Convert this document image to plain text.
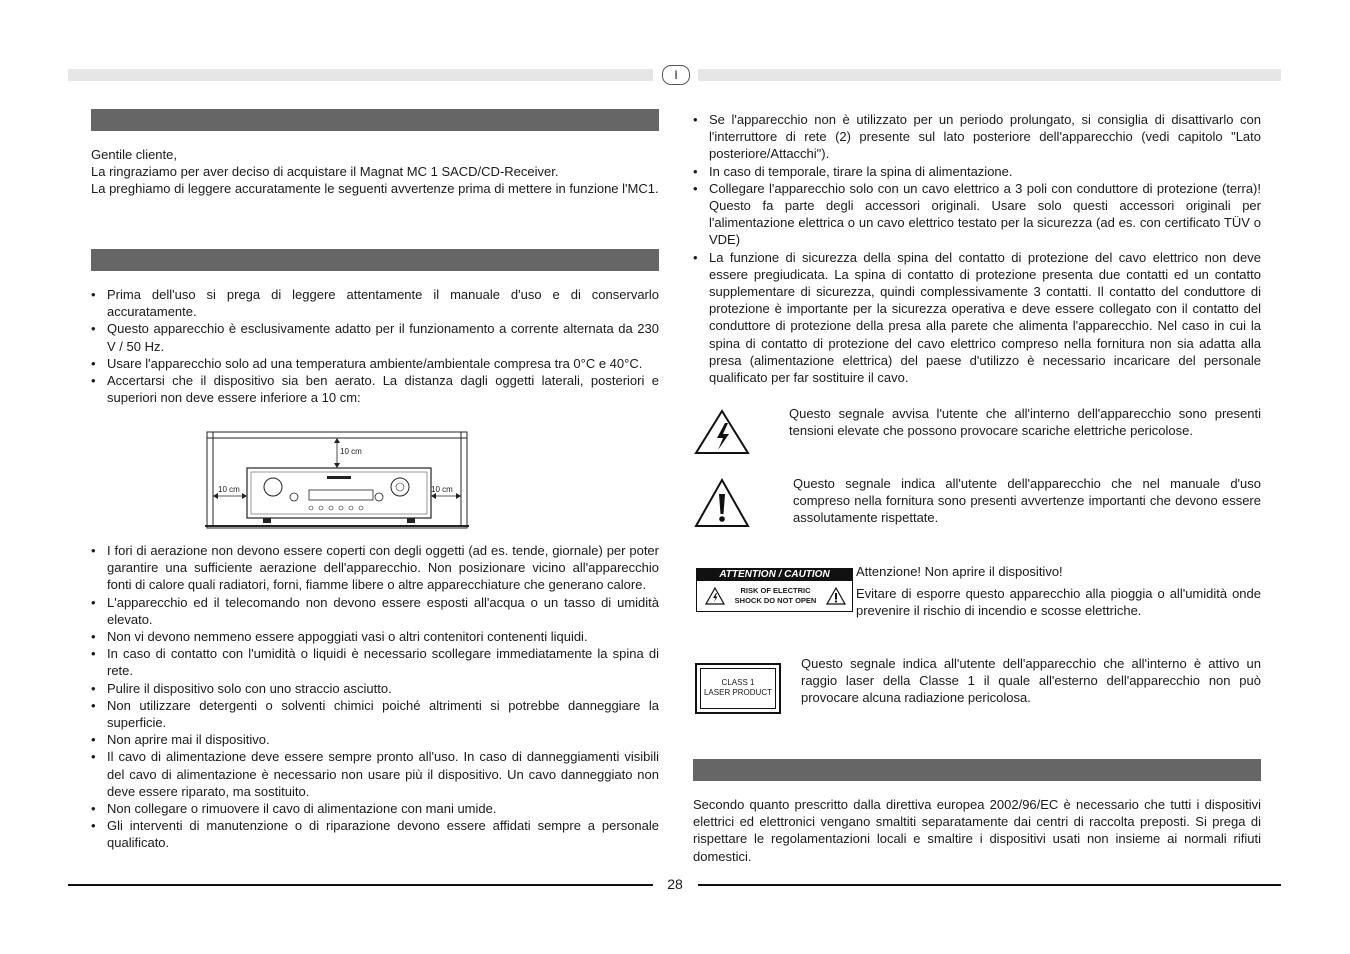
I

Gentile cliente,

La ringraziamo per aver deciso di acquistare il Magnat MC 1 SACD/CD-Receiver.

La preghiamo di leggere accuratamente le seguenti avvertenze prima di mettere in funzione l'MC1.

• Prima dell'uso si prega di leggere attentamente il manuale d'uso e di conservarlo accuratamente.
• Questo apparecchio è esclusivamente adatto per il funzionamento a corrente alternata da 230 V / 50 Hz.
• Usare l'apparecchio solo ad una temperatura ambiente/ambientale compresa tra 0°C e 40°C.
• Accertarsi che il dispositivo sia ben aerato. La distanza dagli oggetti laterali, posteriori e superiori non deve essere inferiore a 10 cm:
10 cm
10 cm	10 cm
• I fori di aerazione non devono essere coperti con degli oggetti (ad es. tende, giornale) per poter garantire una sufficiente aerazione dell'apparecchio. Non posizionare vicino all'apparecchio fonti di calore quali radiatori, forni, fiamme libere o altre apparecchiature che generano calore.
• L'apparecchio ed il telecomando non devono essere esposti all'acqua o un tasso di umidità elevato.
• Non vi devono nemmeno essere appoggiati vasi o altri contenitori contenenti liquidi.
• In caso di contatto con l'umidità o liquidi è necessario scollegare immediatamente la spina di rete.
• Pulire il dispositivo solo con uno straccio asciutto.
• Non utilizzare detergenti o solventi chimici poiché altrimenti si potrebbe danneggiare la superficie.
• Non aprire mai il dispositivo.
• Il cavo di alimentazione deve essere sempre pronto all'uso. In caso di danneggiamenti visibili del cavo di alimentazione è necessario non usare più il dispositivo. Un cavo danneggiato non deve essere riparato, ma sostituito.
• Non collegare o rimuovere il cavo di alimentazione con mani umide.
• Gli interventi di manutenzione o di riparazione devono essere affidati sempre a personale qualificato.
• Se l'apparecchio non è utilizzato per un periodo prolungato, si consiglia di disattivarlo con l'interruttore di rete (2) presente sul lato posteriore dell'apparecchio (vedi capitolo "Lato posteriore/Attacchi").
• In caso di temporale, tirare la spina di alimentazione.
• Collegare l'apparecchio solo con un cavo elettrico a 3 poli con conduttore di protezione (terra)! Questo fa parte degli accessori originali. Usare solo questi accessori originali per l'alimentazione elettrica o un cavo elettrico testato per la sicurezza (ad es. con certificato TÜV o VDE)
• La funzione di sicurezza della spina del contatto di protezione del cavo elettrico non deve essere pregiudicata. La spina di contatto di protezione presenta due contatti ed un contatto supplementare di sicurezza, quindi complessivamente 3 contatti. Il contatto del conduttore di protezione è importante per la sicurezza operativa e deve essere collegato con il contatto del conduttore di protezione della presa alla parete che alimenta l'apparecchio. Nel caso in cui la spina di contatto di protezione del cavo elettrico compreso nella fornitura non sia adatta alla presa (alimentazione elettrica) del paese d'utilizzo è necessario incaricare del personale qualificato per far sostituire il cavo.
Questo segnale avvisa l'utente che all'interno dell'apparecchio sono presenti tensioni elevate che possono provocare scariche elettriche pericolose.
Questo segnale indica all'utente dell'apparecchio che nel manuale d'uso compreso nella fornitura sono presenti avvertenze importanti che devono essere assolutamente rispettate.
ATTENTION / CAUTION
RISK OF ELECTRIC
SHOCK DO NOT OPEN
Attenzione! Non aprire il dispositivo!
Evitare di esporre questo apparecchio alla pioggia o all'umidità onde prevenire il rischio di incendio e scosse elettriche.
CLASS 1
LASER PRODUCT
Questo segnale indica all'utente dell'apparecchio che all'interno è attivo un raggio laser della Classe 1 il quale all'esterno dell'apparecchio non può provocare alcuna radiazione pericolosa.
Secondo quanto prescritto dalla direttiva europea 2002/96/EC è necessario che tutti i dispositivi elettrici ed elettronici vengano smaltiti separatamente dai centri di raccolta preposti. Si prega di rispettare le regolamentazioni locali e smaltire i dispositivi usati non insieme ai normali rifiuti domestici.
28
